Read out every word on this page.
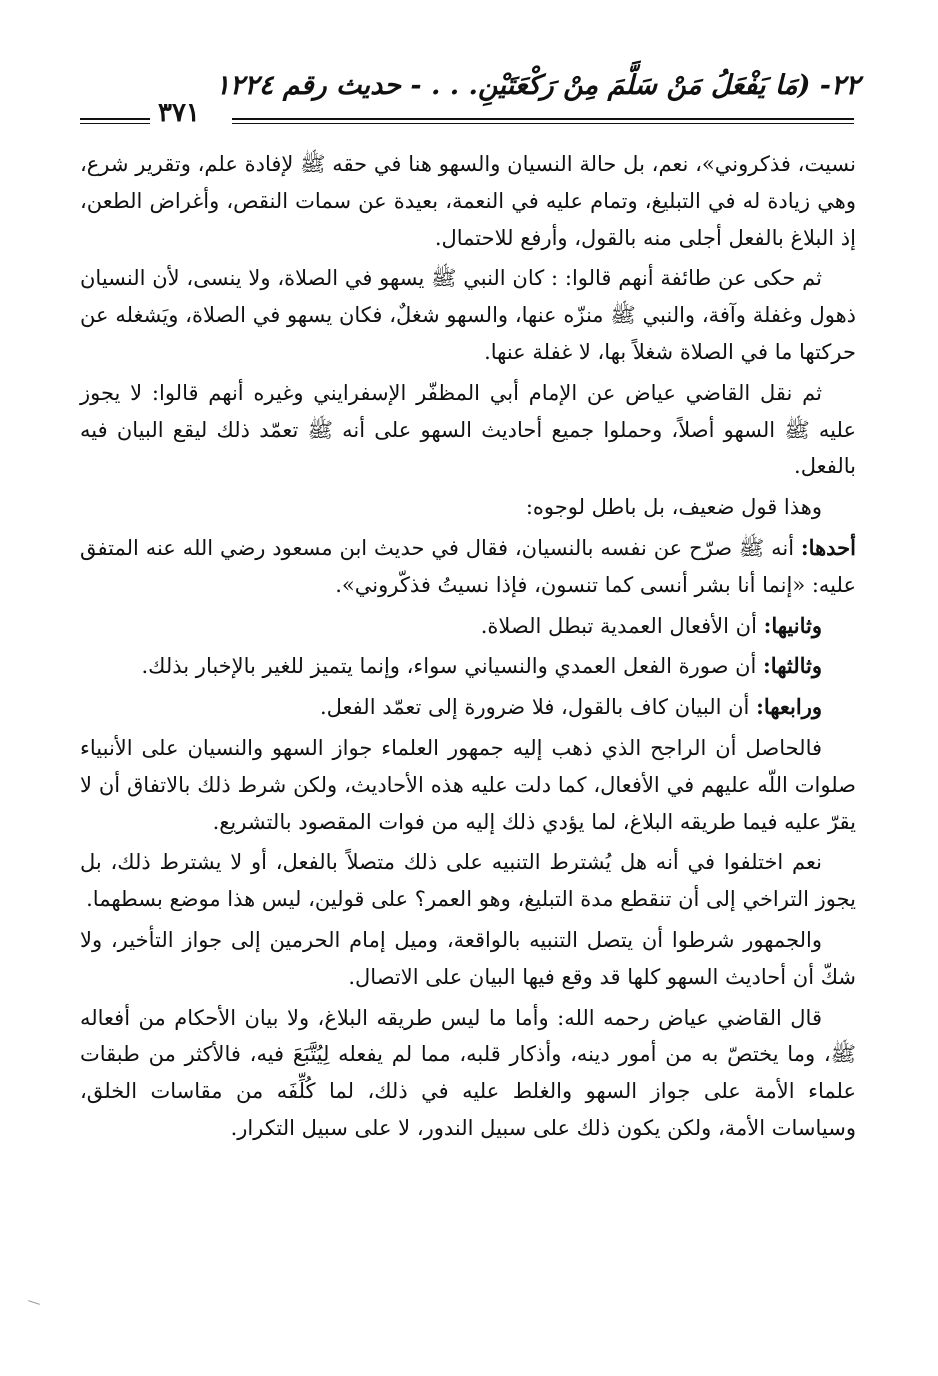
٢٢- (مَا يَفْعَلُ مَنْ سَلَّمَ مِنْ رَكْعَتَيْنِ. . . - حديث رقم ١٢٢٤
٣٧١

نسيت، فذكروني»، نعم، بل حالة النسيان والسهو هنا في حقه ﷺ لإفادة علم، وتقرير شرع، وهي زيادة له في التبليغ، وتمام عليه في النعمة، بعيدة عن سمات النقص، وأغراض الطعن، إذ البلاغ بالفعل أجلى منه بالقول، وأرفع للاحتمال.

ثم حكى عن طائفة أنهم قالوا: : كان النبي ﷺ يسهو في الصلاة، ولا ينسى، لأن النسيان ذهول وغفلة وآفة، والنبي ﷺ منزّه عنها، والسهو شغلٌ، فكان يسهو في الصلاة، ويَشغله عن حركتها ما في الصلاة شغلاً بها، لا غفلة عنها.

ثم نقل القاضي عياض عن الإمام أبي المظفّر الإسفرايني وغيره أنهم قالوا: لا يجوز عليه ﷺ السهو أصلاً، وحملوا جميع أحاديث السهو على أنه ﷺ تعمّد ذلك ليقع البيان فيه بالفعل.

وهذا قول ضعيف، بل باطل لوجوه:

أحدها: أنه ﷺ صرّح عن نفسه بالنسيان، فقال في حديث ابن مسعود رضي الله عنه المتفق عليه: «إنما أنا بشر أنسى كما تنسون، فإذا نسيتُ فذكّروني».

وثانيها: أن الأفعال العمدية تبطل الصلاة.

وثالثها: أن صورة الفعل العمدي والنسياني سواء، وإنما يتميز للغير بالإخبار بذلك.

ورابعها: أن البيان كاف بالقول، فلا ضرورة إلى تعمّد الفعل.

فالحاصل أن الراجح الذي ذهب إليه جمهور العلماء جواز السهو والنسيان على الأنبياء صلوات اللّه عليهم في الأفعال، كما دلت عليه هذه الأحاديث، ولكن شرط ذلك بالاتفاق أن لا يقرّ عليه فيما طريقه البلاغ، لما يؤدي ذلك إليه من فوات المقصود بالتشريع.

نعم اختلفوا في أنه هل يُشترط التنبيه على ذلك متصلاً بالفعل، أو لا يشترط ذلك، بل يجوز التراخي إلى أن تنقطع مدة التبليغ، وهو العمر؟ على قولين، ليس هذا موضع بسطهما.

والجمهور شرطوا أن يتصل التنبيه بالواقعة، وميل إمام الحرمين إلى جواز التأخير، ولا شكّ أن أحاديث السهو كلها قد وقع فيها البيان على الاتصال.

قال القاضي عياض رحمه الله: وأما ما ليس طريقه البلاغ، ولا بيان الأحكام من أفعاله ﷺ، وما يختصّ به من أمور دينه، وأذكار قلبه، مما لم يفعله لِيُتَّبَعَ فيه، فالأكثر من طبقات علماء الأمة على جواز السهو والغلط عليه في ذلك، لما كُلِّفَه من مقاسات الخلق، وسياسات الأمة، ولكن يكون ذلك على سبيل الندور، لا على سبيل التكرار.
